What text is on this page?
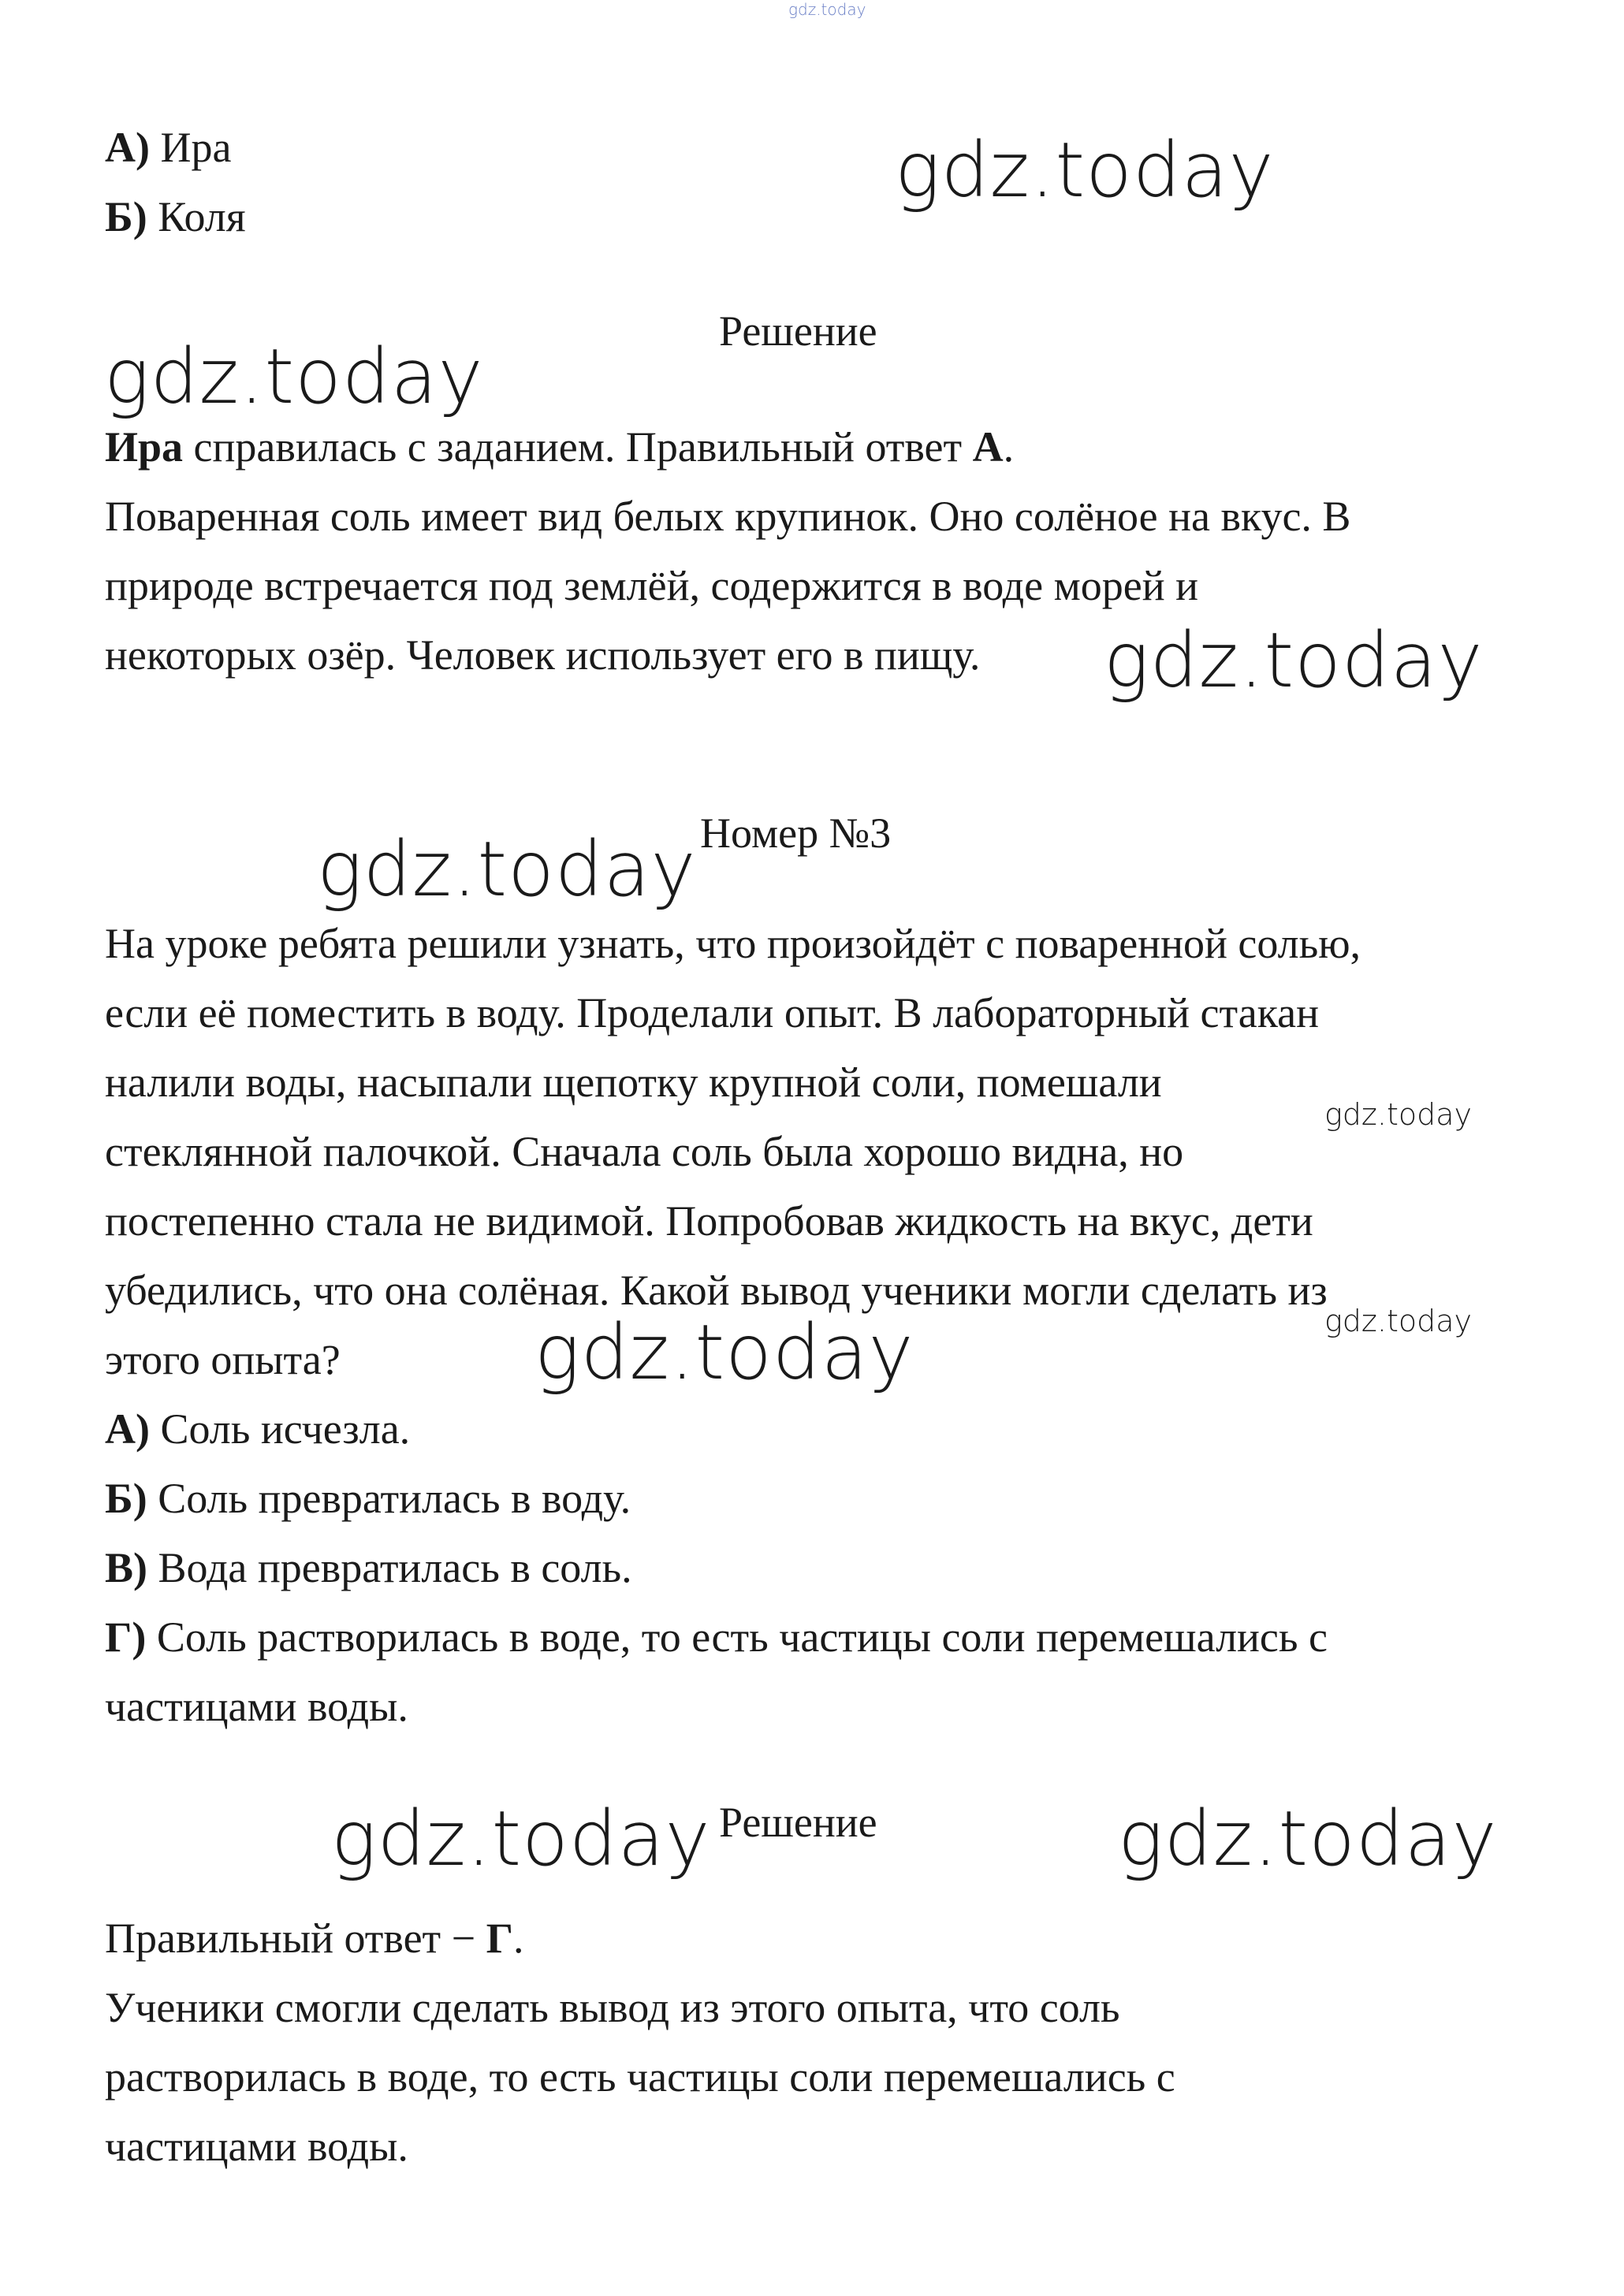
gdz.today
gdz.today
gdz.today
gdz.today
gdz.today
gdz.today
gdz.today
gdz.today
gdz.today	gdz.today
А) Ира
Б) Коля
Решение
Ира справилась с заданием. Правильный ответ А.
Поваренная соль имеет вид белых крупинок. Оно солёное на вкус. В
природе встречается под землёй, содержится в воде морей и
некоторых озёр. Человек использует его в пищу.
Номер №3
На уроке ребята решили узнать, что произойдёт с поваренной солью,
если её поместить в воду. Проделали опыт. В лабораторный стакан
налили воды, насыпали щепотку крупной соли, помешали
стеклянной палочкой. Сначала соль была хорошо видна, но
постепенно стала не видимой. Попробовав жидкость на вкус, дети
убедились, что она солёная. Какой вывод ученики могли сделать из
этого опыта?
А) Соль исчезла.
Б) Соль превратилась в воду.
В) Вода превратилась в соль.
Г) Соль растворилась в воде, то есть частицы соли перемешались с
частицами воды.
Решение
Правильный ответ − Г.
Ученики смогли сделать вывод из этого опыта, что соль
растворилась в воде, то есть частицы соли перемешались с
частицами воды.
